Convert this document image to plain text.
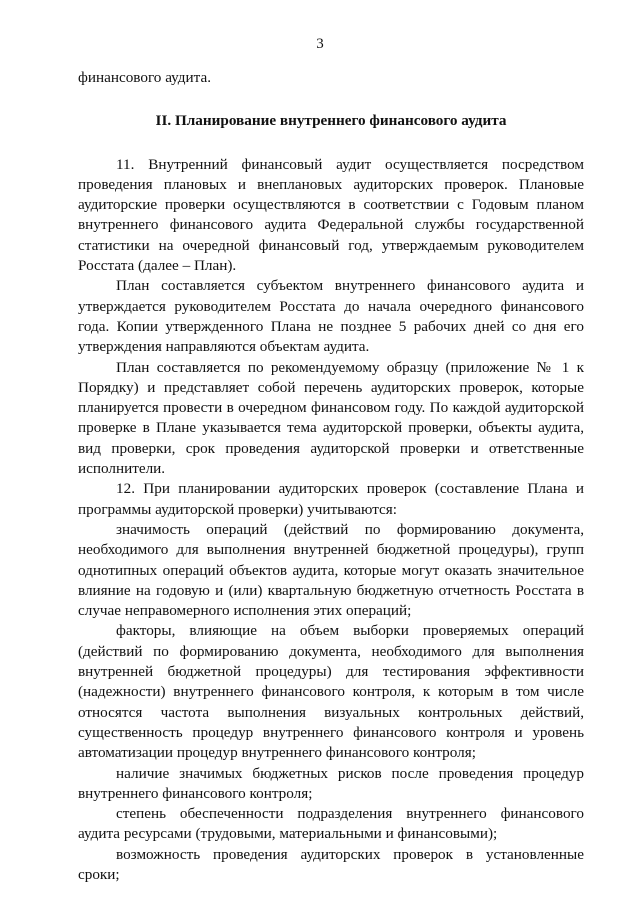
3

финансового аудита.

II. Планирование внутреннего финансового аудита

11. Внутренний финансовый аудит осуществляется посредством проведения плановых и внеплановых аудиторских проверок. Плановые аудиторские проверки осуществляются в соответствии с Годовым планом внутреннего финансового аудита Федеральной службы государственной статистики на очередной финансовый год, утверждаемым руководителем Росстата (далее – План).

План составляется субъектом внутреннего финансового аудита и утверждается руководителем Росстата до начала очередного финансового года. Копии утвержденного Плана не позднее 5 рабочих дней со дня его утверждения направляются объектам аудита.

План составляется по рекомендуемому образцу (приложение № 1 к Порядку) и представляет собой перечень аудиторских проверок, которые планируется провести в очередном финансовом году. По каждой аудиторской проверке в Плане указывается тема аудиторской проверки, объекты аудита, вид проверки, срок проведения аудиторской проверки и ответственные исполнители.

12. При планировании аудиторских проверок (составление Плана и программы аудиторской проверки) учитываются:

значимость операций (действий по формированию документа, необходимого для выполнения внутренней бюджетной процедуры), групп однотипных операций объектов аудита, которые могут оказать значительное влияние на годовую и (или) квартальную бюджетную отчетность Росстата в случае неправомерного исполнения этих операций;

факторы, влияющие на объем выборки проверяемых операций (действий по формированию документа, необходимого для выполнения внутренней бюджетной процедуры) для тестирования эффективности (надежности) внутреннего финансового контроля, к которым в том числе относятся частота выполнения визуальных контрольных действий, существенность процедур внутреннего финансового контроля и уровень автоматизации процедур внутреннего финансового контроля;

наличие значимых бюджетных рисков после проведения процедур внутреннего финансового контроля;

степень обеспеченности подразделения внутреннего финансового аудита ресурсами (трудовыми, материальными и финансовыми);

возможность проведения аудиторских проверок в установленные сроки;
